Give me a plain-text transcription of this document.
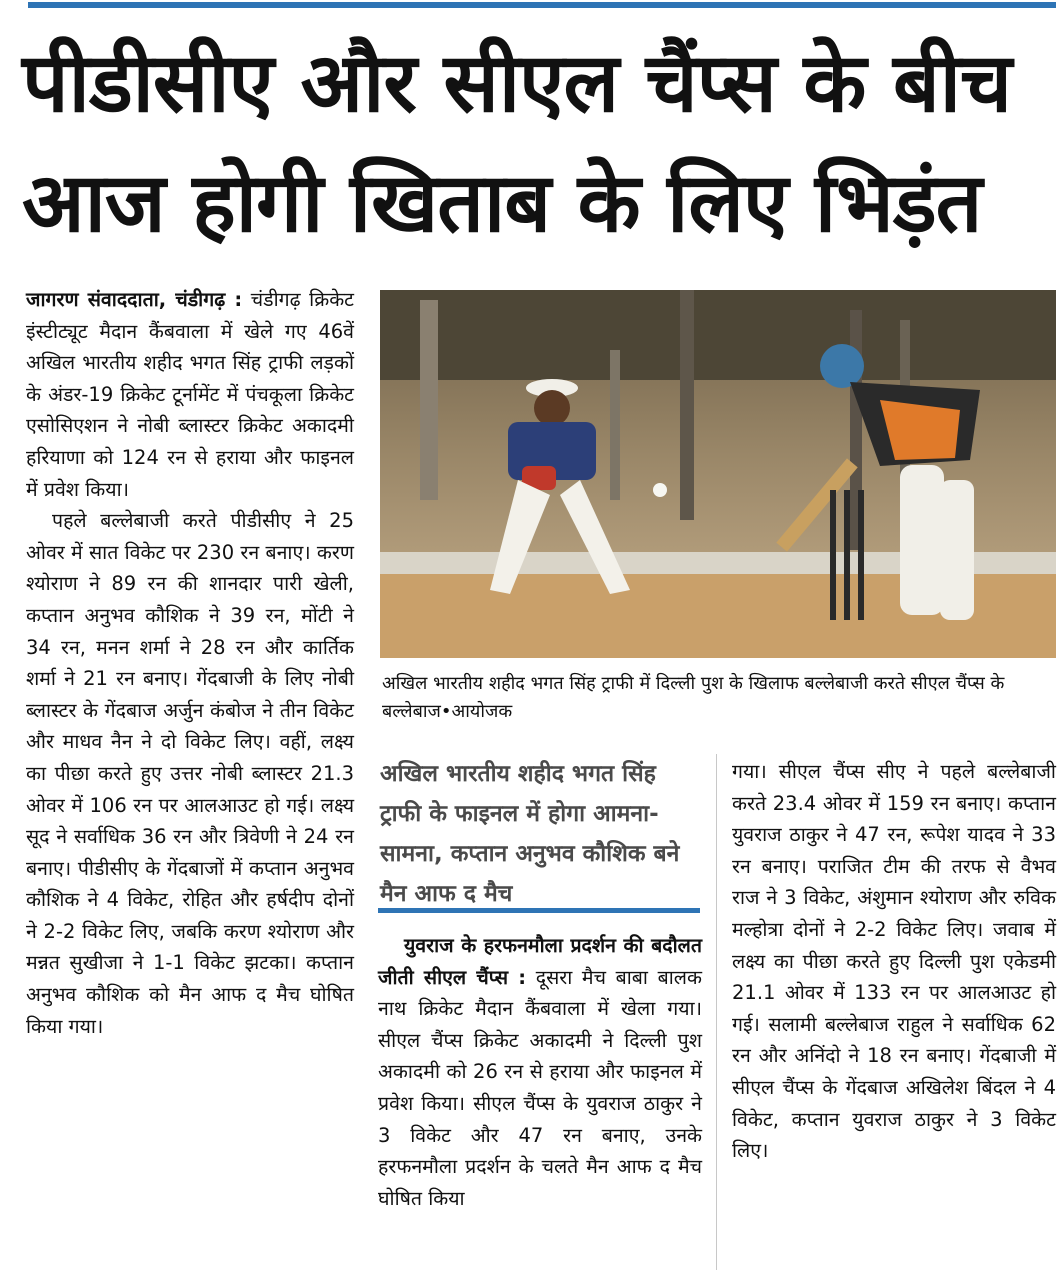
पीडीसीए और सीएल चैंप्स के बीच
आज होगी खिताब के लिए भिड़ंत

जागरण संवाददाता, चंडीगढ़ : चंडीगढ़ क्रिकेट इंस्टीट्यूट मैदान कैंबवाला में खेले गए 46वें अखिल भारतीय शहीद भगत सिंह ट्राफी लड़कों के अंडर-19 क्रिकेट टूर्नामेंट में पंचकूला क्रिकेट एसोसिएशन ने नोबी ब्लास्टर क्रिकेट अकादमी हरियाणा को 124 रन से हराया और फाइनल में प्रवेश किया।

पहले बल्लेबाजी करते पीडीसीए ने 25 ओवर में सात विकेट पर 230 रन बनाए। करण श्योराण ने 89 रन की शानदार पारी खेली, कप्तान अनुभव कौशिक ने 39 रन, मोंटी ने 34 रन, मनन शर्मा ने 28 रन और कार्तिक शर्मा ने 21 रन बनाए। गेंदबाजी के लिए नोबी ब्लास्टर के गेंदबाज अर्जुन कंबोज ने तीन विकेट और माधव नैन ने दो विकेट लिए। वहीं, लक्ष्य का पीछा करते हुए उत्तर नोबी ब्लास्टर 21.3 ओवर में 106 रन पर आलआउट हो गई। लक्ष्य सूद ने सर्वाधिक 36 रन और त्रिवेणी ने 24 रन बनाए। पीडीसीए के गेंदबाजों में कप्तान अनुभव कौशिक ने 4 विकेट, रोहित और हर्षदीप दोनों ने 2-2 विकेट लिए, जबकि करण श्योराण और मन्नत सुखीजा ने 1-1 विकेट झटका। कप्तान अनुभव कौशिक को मैन आफ द मैच घोषित किया गया।

अखिल भारतीय शहीद भगत सिंह ट्राफी में दिल्ली पुश के खिलाफ बल्लेबाजी करते सीएल चैंप्स के बल्लेबाज•आयोजक
अखिल भारतीय शहीद भगत सिंह ट्राफी के फाइनल में होगा आमना-सामना, कप्तान अनुभव कौशिक बने मैन आफ द मैच

युवराज के हरफनमौला प्रदर्शन की बदौलत जीती सीएल चैंप्स : दूसरा मैच बाबा बालक नाथ क्रिकेट मैदान कैंबवाला में खेला गया। सीएल चैंप्स क्रिकेट अकादमी ने दिल्ली पुश अकादमी को 26 रन से हराया और फाइनल में प्रवेश किया। सीएल चैंप्स के युवराज ठाकुर ने 3 विकेट और 47 रन बनाए, उनके हरफनमौला प्रदर्शन के चलते मैन आफ द मैच घोषित किया

गया। सीएल चैंप्स सीए ने पहले बल्लेबाजी करते 23.4 ओवर में 159 रन बनाए। कप्तान युवराज ठाकुर ने 47 रन, रूपेश यादव ने 33 रन बनाए। पराजित टीम की तरफ से वैभव राज ने 3 विकेट, अंशुमान श्योराण और रुविक मल्होत्रा दोनों ने 2-2 विकेट लिए। जवाब में लक्ष्य का पीछा करते हुए दिल्ली पुश एकेडमी 21.1 ओवर में 133 रन पर आलआउट हो गई। सलामी बल्लेबाज राहुल ने सर्वाधिक 62 रन और अनिंदो ने 18 रन बनाए। गेंदबाजी में सीएल चैंप्स के गेंदबाज अखिलेश बिंदल ने 4 विकेट, कप्तान युवराज ठाकुर ने 3 विकेट लिए।
